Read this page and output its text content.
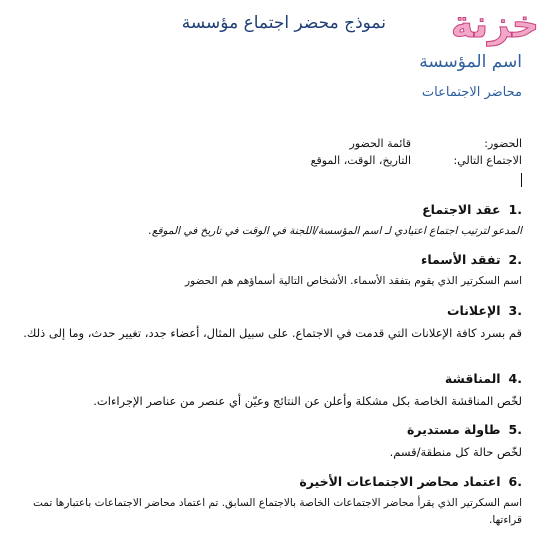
خزنة
نموذج محضر اجتماع مؤسسة
اسم المؤسسة
محاضر الاجتماعات
الحضور:
قائمة الحضور
الاجتماع التالي:
التاريخ، الوقت، الموقع
1.
عقد الاجتماع
المدعو لترتيب اجتماع اعتيادي لـ اسم المؤسسة/اللجنة في الوقت في تاريخ في الموقع.
2.
تفقد الأسماء
اسم السكرتير الذي يقوم بتفقد الأسماء. الأشخاص التالية أسماؤهم هم الحضور
3.
الإعلانات
قم بسرد كافة الإعلانات التي قدمت في الاجتماع. على سبيل المثال، أعضاء جدد، تغيير حدث، وما إلى ذلك.
4.
المناقشة
لخّص المناقشة الخاصة بكل مشكلة وأعلن عن النتائج وعيّن أي عنصر من عناصر الإجراءات.
5.
طاولة مستديرة
لخّص حالة كل منطقة/قسم.
6.
اعتماد محاضر الاجتماعات الأخيرة
اسم السكرتير الذي يقرأ محاضر الاجتماعات الخاصة بالاجتماع السابق. تم اعتماد محاضر الاجتماعات باعتبارها تمت قراءتها.
